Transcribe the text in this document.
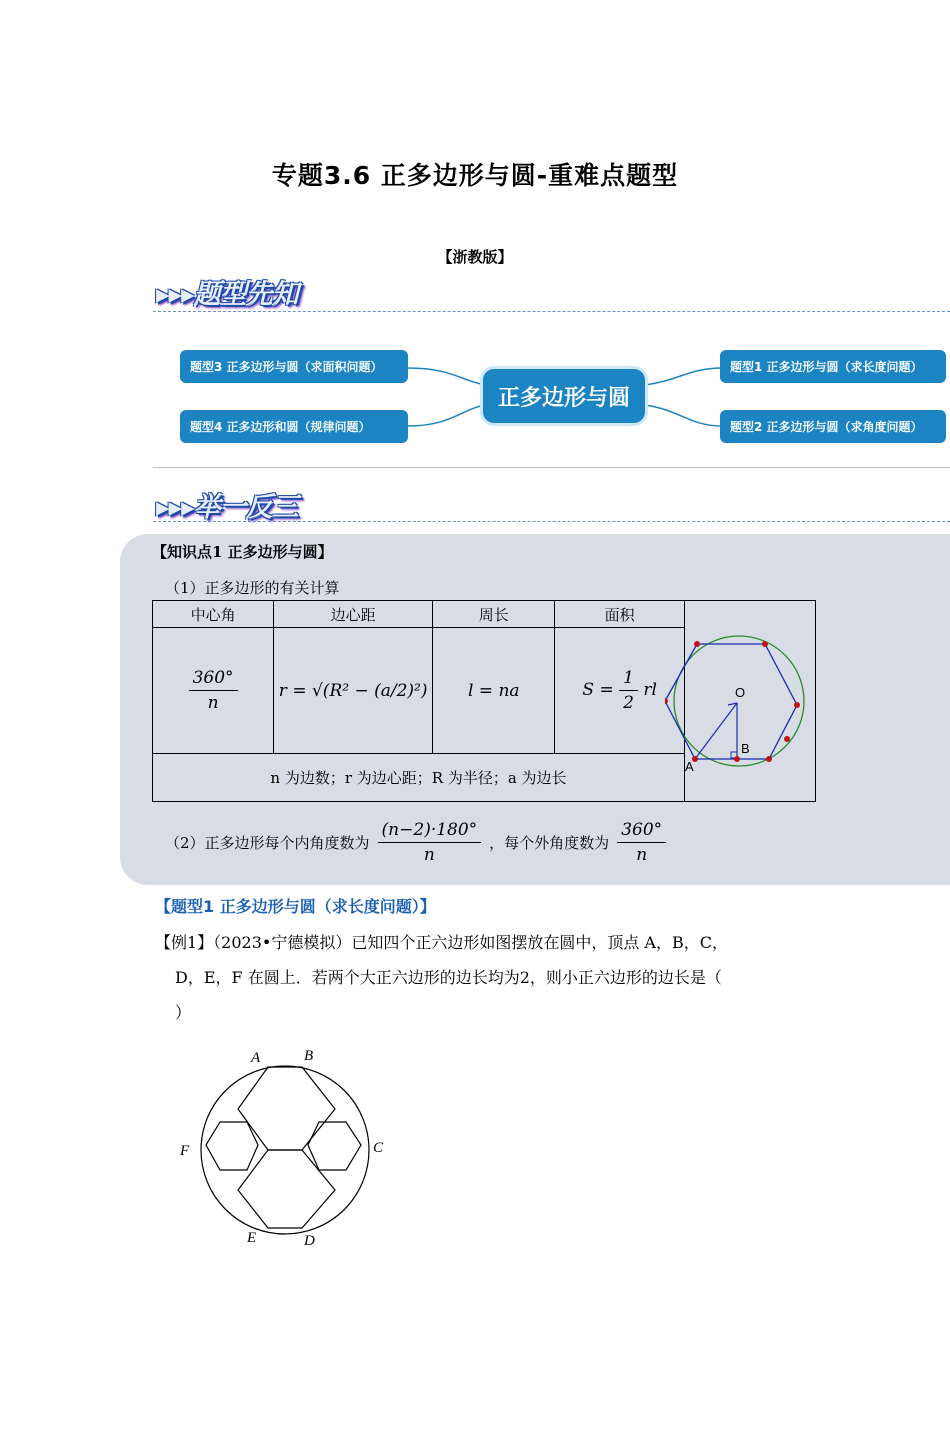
专题3.6 正多边形与圆-重难点题型
【浙教版】
▸▸▸题型先知
题型3 正多边形与圆（求面积问题）
题型4 正多边形和圆（规律问题）
正多边形与圆
题型1 正多边形与圆（求长度问题）
题型2 正多边形与圆（求角度问题）
▸▸▸举一反三
【知识点1 正多边形与圆】
（1）正多边形的有关计算
中心角	边心距	周长	面积	O
B
A

$\frac{360^\circ}{n}$	r = √(R² − (a/2)²)	l = na	$S = \frac{1}{2}$ rl	
n 为边数；r 为边心距；R 为半径；a 为边长				
（2）正多边形每个内角度数为 $\frac{(n-2)\cdot 180^\circ}{n}$ ，每个外角度数为 $\frac{360^\circ}{n}$
【题型1 正多边形与圆（求长度问题）】
【例1】（2023•宁德模拟）已知四个正六边形如图摆放在圆中，顶点 A，B，C，
D，E，F 在圆上．若两个大正六边形的边长均为2，则小正六边形的边长是（
）
A	B
C
D
E
F
